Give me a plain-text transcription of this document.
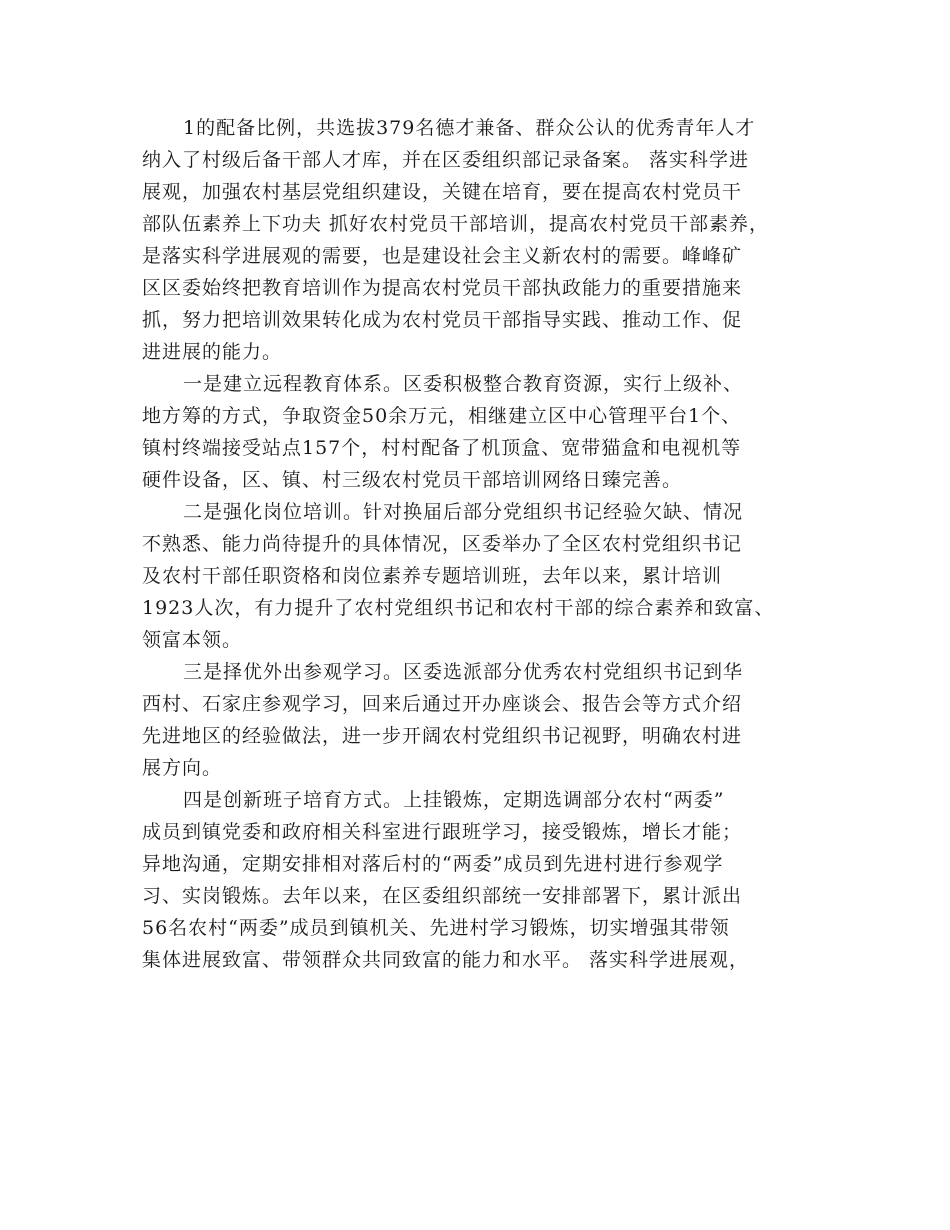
1的配备比例，共选拔379名德才兼备、群众公认的优秀青年人才
纳入了村级后备干部人才库，并在区委组织部记录备案。 落实科学进
展观，加强农村基层党组织建设，关键在培育，要在提高农村党员干
部队伍素养上下功夫 抓好农村党员干部培训，提高农村党员干部素养，
是落实科学进展观的需要，也是建设社会主义新农村的需要。峰峰矿
区区委始终把教育培训作为提高农村党员干部执政能力的重要措施来
抓，努力把培训效果转化成为农村党员干部指导实践、推动工作、促
进进展的能力。
一是建立远程教育体系。区委积极整合教育资源，实行上级补、
地方筹的方式，争取资金50余万元，相继建立区中心管理平台1个、
镇村终端接受站点157个，村村配备了机顶盒、宽带猫盒和电视机等
硬件设备，区、镇、村三级农村党员干部培训网络日臻完善。
二是强化岗位培训。针对换届后部分党组织书记经验欠缺、情况
不熟悉、能力尚待提升的具体情况，区委举办了全区农村党组织书记
及农村干部任职资格和岗位素养专题培训班，去年以来，累计培训
1923人次，有力提升了农村党组织书记和农村干部的综合素养和致富、
领富本领。
三是择优外出参观学习。区委选派部分优秀农村党组织书记到华
西村、石家庄参观学习，回来后通过开办座谈会、报告会等方式介绍
先进地区的经验做法，进一步开阔农村党组织书记视野，明确农村进
展方向。
四是创新班子培育方式。上挂锻炼，定期选调部分农村“两委”
成员到镇党委和政府相关科室进行跟班学习，接受锻炼，增长才能；
异地沟通，定期安排相对落后村的“两委”成员到先进村进行参观学
习、实岗锻炼。去年以来，在区委组织部统一安排部署下，累计派出
56名农村“两委”成员到镇机关、先进村学习锻炼，切实增强其带领
集体进展致富、带领群众共同致富的能力和水平。 落实科学进展观，
